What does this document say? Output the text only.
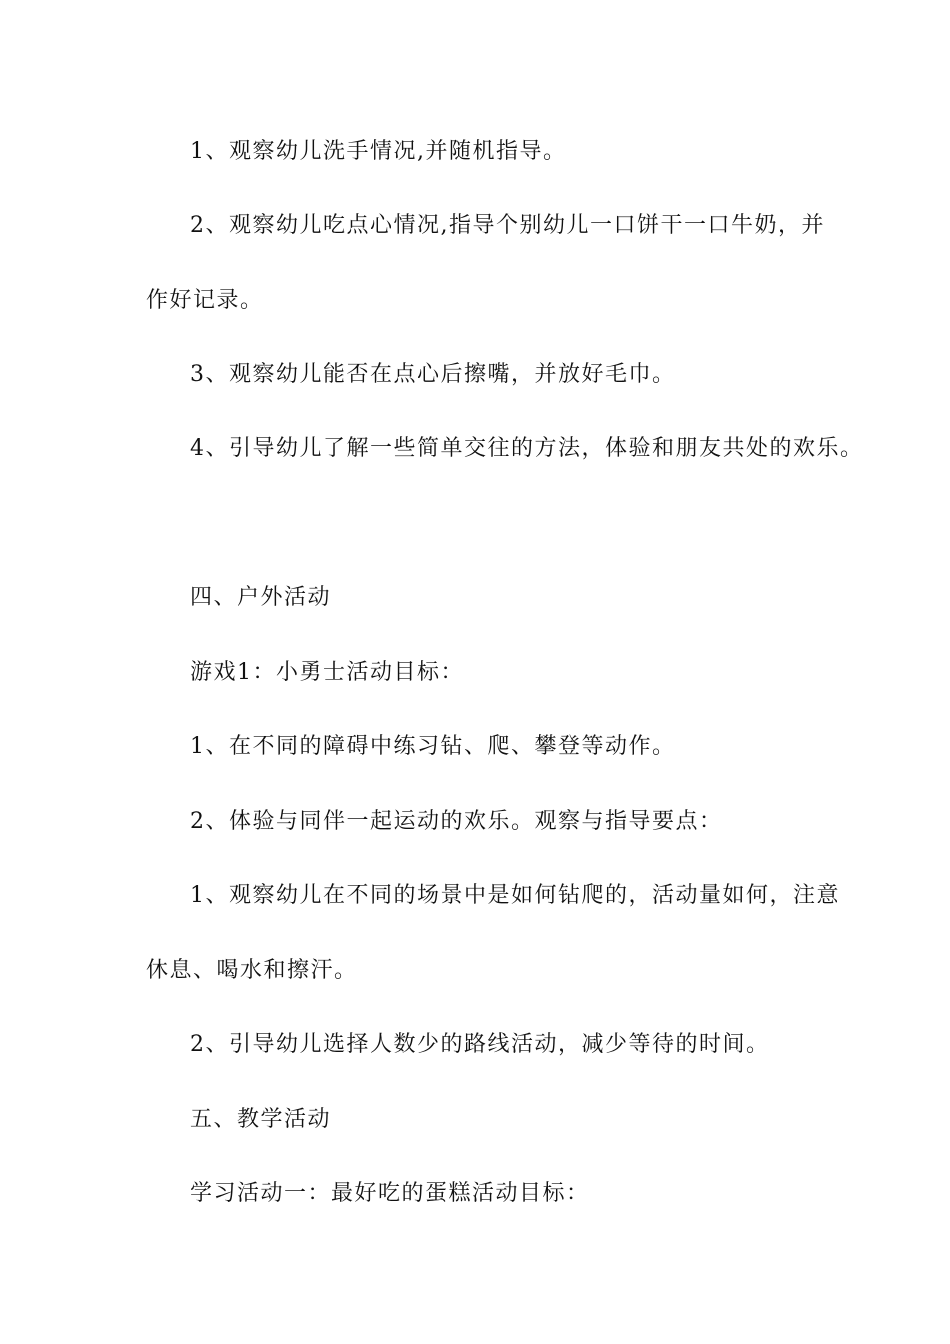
1、观察幼儿洗手情况,并随机指导。
2、观察幼儿吃点心情况,指导个别幼儿一口饼干一口牛奶，并
作好记录。
3、观察幼儿能否在点心后擦嘴，并放好毛巾。
4、引导幼儿了解一些简单交往的方法，体验和朋友共处的欢乐。
四、户外活动
游戏1：小勇士活动目标：
1、在不同的障碍中练习钻、爬、攀登等动作。
2、体验与同伴一起运动的欢乐。观察与指导要点：
1、观察幼儿在不同的场景中是如何钻爬的，活动量如何，注意
休息、喝水和擦汗。
2、引导幼儿选择人数少的路线活动，减少等待的时间。
五、教学活动
学习活动一：最好吃的蛋糕活动目标：
